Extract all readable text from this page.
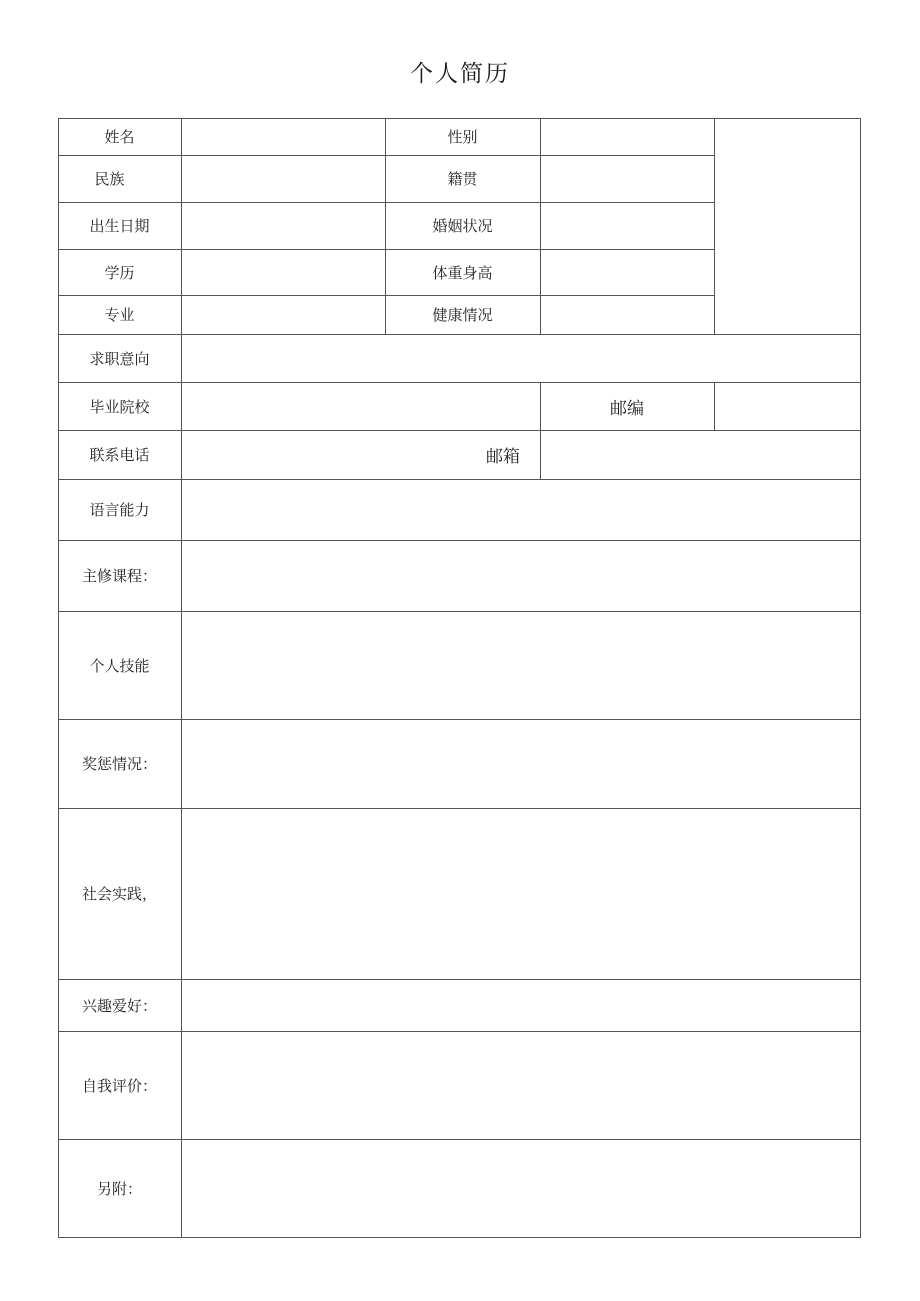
个人简历
姓名	性别
民族	籍贯
出生日期	婚姻状况
学历	体重身高
专业	健康情况
求职意向
毕业院校	邮编
联系电话	邮箱
语言能力
主修课程：
个人技能
奖惩情况：
社会实践，
兴趣爱好：
自我评价：
另附：
